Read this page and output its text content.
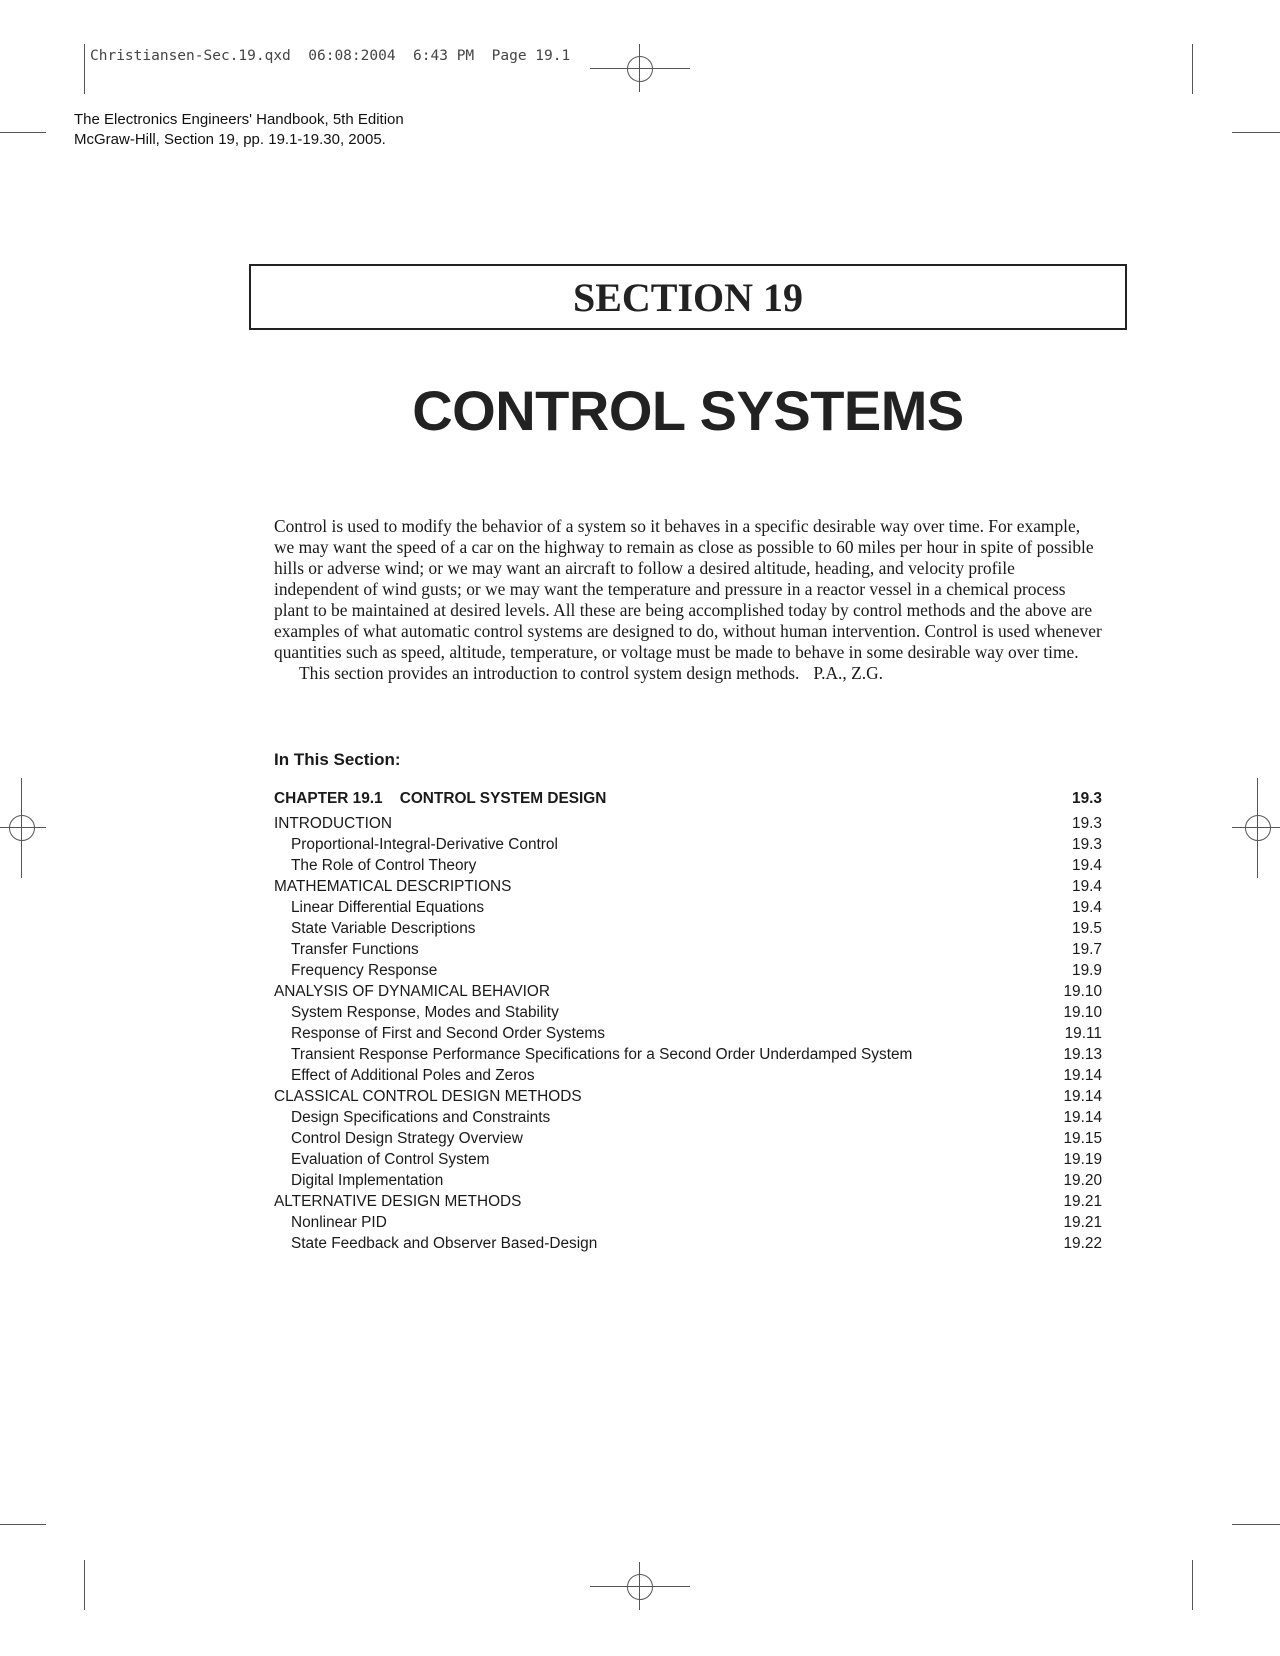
Christiansen-Sec.19.qxd 06:08:2004 6:43 PM Page 19.1
The Electronics Engineers' Handbook, 5th Edition
McGraw-Hill, Section 19, pp. 19.1-19.30, 2005.
SECTION 19
CONTROL SYSTEMS

Control is used to modify the behavior of a system so it behaves in a specific desirable way over time. For example, we may want the speed of a car on the highway to remain as close as possible to 60 miles per hour in spite of possible hills or adverse wind; or we may want an aircraft to follow a desired altitude, heading, and velocity profile independent of wind gusts; or we may want the temperature and pressure in a reactor vessel in a chemical process plant to be maintained at desired levels. All these are being accomplished today by control methods and the above are examples of what automatic control systems are designed to do, without human intervention. Control is used whenever quantities such as speed, altitude, temperature, or voltage must be made to behave in some desirable way over time.

This section provides an introduction to control system design methods. P.A., Z.G.

In This Section:
CHAPTER 19.1    CONTROL SYSTEM DESIGN	19.3
INTRODUCTION	19.3
Proportional-Integral-Derivative Control	19.3
The Role of Control Theory	19.4
MATHEMATICAL DESCRIPTIONS	19.4
Linear Differential Equations	19.4
State Variable Descriptions	19.5
Transfer Functions	19.7
Frequency Response	19.9
ANALYSIS OF DYNAMICAL BEHAVIOR	19.10
System Response, Modes and Stability	19.10
Response of First and Second Order Systems	19.11
Transient Response Performance Specifications for a Second Order Underdamped System	19.13
Effect of Additional Poles and Zeros	19.14
CLASSICAL CONTROL DESIGN METHODS	19.14
Design Specifications and Constraints	19.14
Control Design Strategy Overview	19.15
Evaluation of Control System	19.19
Digital Implementation	19.20
ALTERNATIVE DESIGN METHODS	19.21
Nonlinear PID	19.21
State Feedback and Observer Based-Design	19.22
